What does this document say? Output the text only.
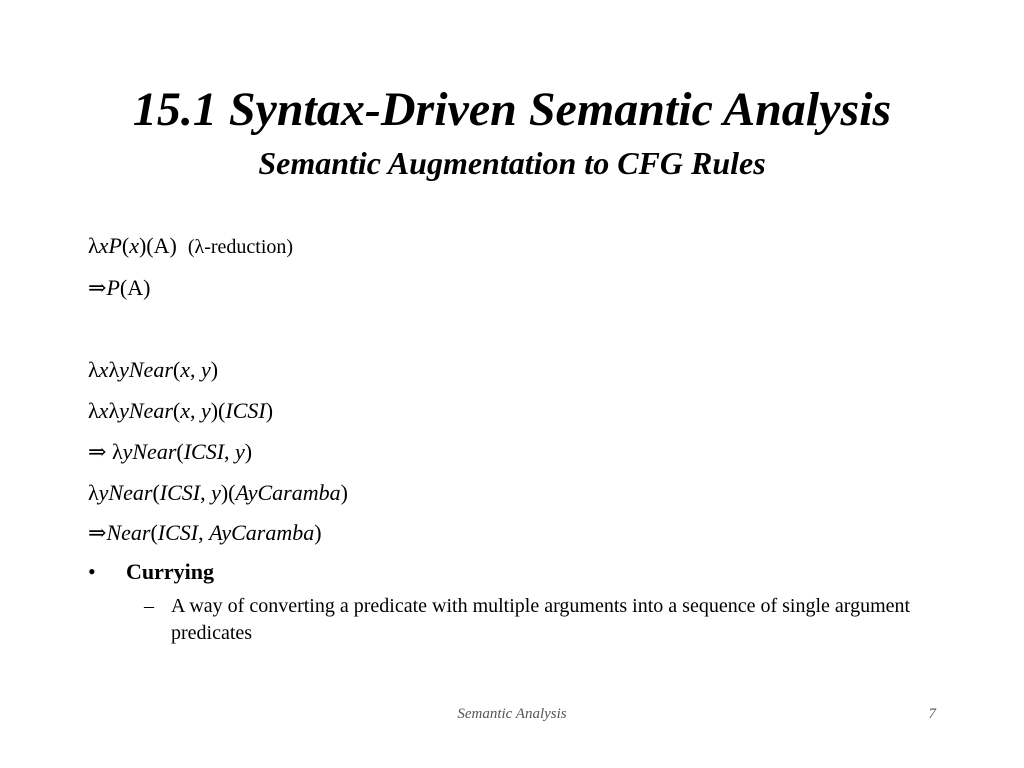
15.1 Syntax-Driven Semantic Analysis
Semantic Augmentation to CFG Rules
λxP(x)(A) (λ-reduction)
⇒P(A)
λxλyNear(x, y)
λxλyNear(x, y)(ICSI)
⇒ λyNear(ICSI, y)
λyNear(ICSI, y)(AyCaramba)
⇒Near(ICSI, AyCaramba)
• Currying
– A way of converting a predicate with multiple arguments into a sequence of single argument predicates
Semantic Analysis	7
